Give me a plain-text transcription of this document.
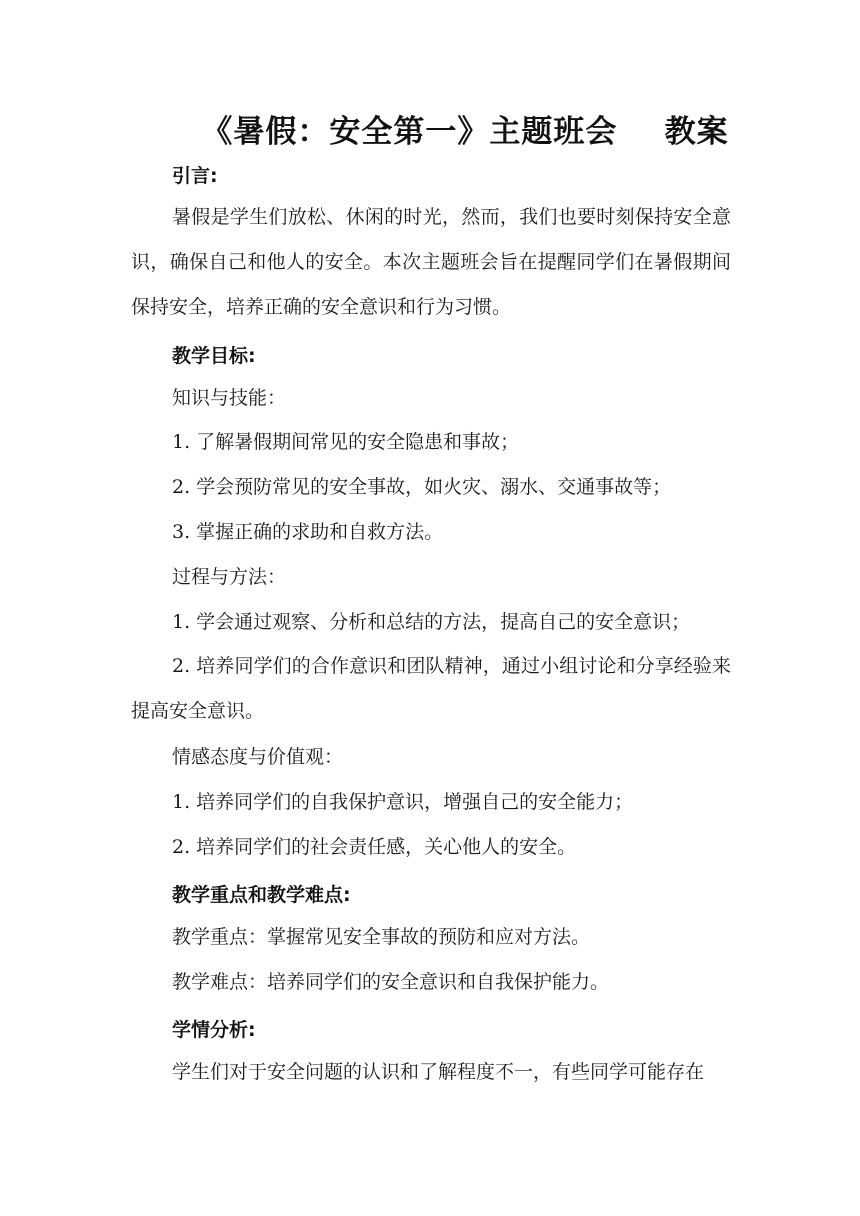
《暑假：安全第一》主题班会    教案
引言:
暑假是学生们放松、休闲的时光，然而，我们也要时刻保持安全意识，确保自己和他人的安全。本次主题班会旨在提醒同学们在暑假期间保持安全，培养正确的安全意识和行为习惯。
教学目标:
知识与技能：
1. 了解暑假期间常见的安全隐患和事故；
2. 学会预防常见的安全事故，如火灾、溺水、交通事故等；
3. 掌握正确的求助和自救方法。
过程与方法：
1. 学会通过观察、分析和总结的方法，提高自己的安全意识；
2. 培养同学们的合作意识和团队精神，通过小组讨论和分享经验来提高安全意识。
情感态度与价值观：
1. 培养同学们的自我保护意识，增强自己的安全能力；
2. 培养同学们的社会责任感，关心他人的安全。
教学重点和教学难点:
教学重点：掌握常见安全事故的预防和应对方法。
教学难点：培养同学们的安全意识和自我保护能力。
学情分析:
学生们对于安全问题的认识和了解程度不一，有些同学可能存在
